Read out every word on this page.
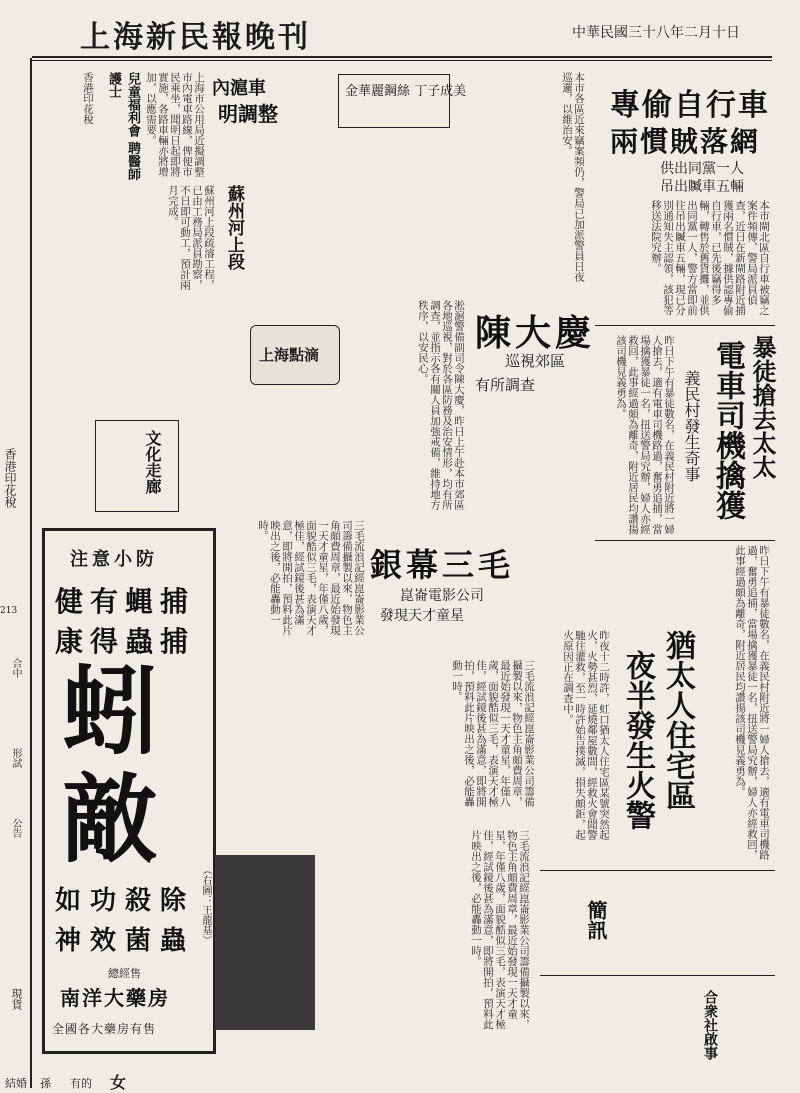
中華民國三十八年二月十日
上海新民報晚刊
香港印花稅
213
合中
形試
公告
現貨
專偷自行車
兩慣賊落網
供出同黨一人
吊出贓車五輛
本市閘北區自行車被竊之案件頻傳，警局派員偵查，近日在新閘路附近捕獲兩名慣賊，據供認專偷自行車，已先後竊得多輛，轉售於舊貨攤，並供出同黨一人，警方當即前往吊出贓車五輛，現已分別通知失主認領，該犯等移送法院究辦。
暴徒搶去太太
電車司機擒獲
義民村發生奇事
昨日下午有暴徒數名，在義民村附近將一婦人搶去，適有電車司機路過，奮勇追捕，當場擒獲暴徒一名，扭送警局究辦，婦人亦經救回，此事經過頗為離奇，附近居民均讚揚該司機見義勇為。
陳大慶
巡視郊區
有所調查
淞滬警備副司令陳大慶，昨日上午赴本市郊區各地巡視，對於各區防務及治安情形，均有所調查，並指示各有關人員加強戒備，維持地方秩序，以安民心。
上海點滴
內滬車
明調整
上海市公用局近擬調整市內電車路線，俾便市民乘坐，聞明日起即將實施，各路車輛亦將增加，以應需要。	金華麗鋼絲 丁子成美	本市各區近來竊案頻仍，警局已加派警員日夜巡邏，以維治安。
蘇州河上段
蘇州河上段疏濬工程，已由工務局派員勘察，不日即可動工，預計兩月完成。
兒童福利會 聘醫師護士
香港印花稅
文化走廊
注意小防
捕
蝿
有
健
捕
蟲
得
康
蚓
敵
除
蟲
殺
菌
功
效
如
神
總經售
南洋大藥房
全國各大藥房有售
銀幕三毛
崑崙電影公司
發現天才童星
三毛流浪記經崑崙影業公司籌備攝製以來，物色主角頗費周章，最近始發現一天才童星，年僅八歲，面貌酷似三毛，表演天才極佳，經試鏡後甚為滿意，即將開拍，預料此片映出之後，必能轟動一時。
三毛流浪記經崑崙影業公司籌備攝製以來，物色主角頗費周章，最近始發現一天才童星，年僅八歲，面貌酷似三毛，表演天才極佳，經試鏡後甚為滿意，即將開拍，預料此片映出之後，必能轟動一時。
（右圖：王龍基）	三毛流浪記經崑崙影業公司籌備攝製以來，物色主角頗費周章，最近始發現一天才童星，年僅八歲，面貌酷似三毛，表演天才極佳，經試鏡後甚為滿意，即將開拍，預料此片映出之後，必能轟動一時。
猶太人住宅區
夜半發生火警
昨夜十二時許，虹口猶太人住宅區某號突然起火，火勢甚烈，延燒鄰屋數間，經救火會聞警馳往灌救，至一時許始告撲滅，損失頗鉅，起火原因正在調查中。	昨日下午有暴徒數名，在義民村附近將一婦人搶去，適有電車司機路過，奮勇追捕，當場擒獲暴徒一名，扭送警局究辦，婦人亦經救回，此事經過頗為離奇，附近居民均讚揚該司機見義勇為。
簡訊
合衆社啟事
結婚 孫 有的 女
